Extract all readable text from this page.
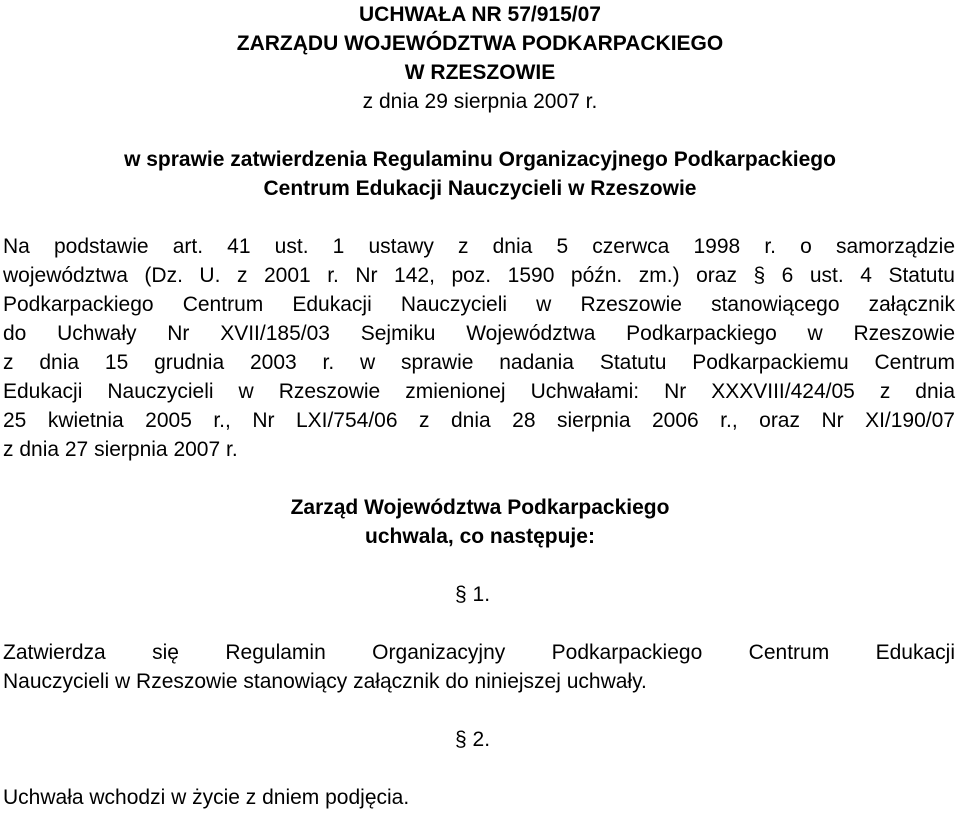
UCHWAŁA NR 57/915/07
ZARZĄDU WOJEWÓDZTWA PODKARPACKIEGO
W RZESZOWIE
z dnia 29 sierpnia 2007 r.
w sprawie zatwierdzenia Regulaminu Organizacyjnego Podkarpackiego
Centrum Edukacji Nauczycieli w Rzeszowie
Na podstawie art. 41 ust. 1 ustawy z dnia 5 czerwca 1998 r. o samorządzie
województwa (Dz. U. z 2001 r. Nr 142, poz. 1590 późn. zm.) oraz § 6 ust. 4 Statutu
Podkarpackiego Centrum Edukacji Nauczycieli w Rzeszowie stanowiącego załącznik
do Uchwały Nr XVII/185/03 Sejmiku Województwa Podkarpackiego w Rzeszowie
z dnia 15 grudnia 2003 r. w sprawie nadania Statutu Podkarpackiemu Centrum
Edukacji Nauczycieli w Rzeszowie zmienionej Uchwałami: Nr XXXVIII/424/05 z dnia
25 kwietnia 2005 r., Nr LXI/754/06 z dnia 28 sierpnia 2006 r., oraz Nr XI/190/07
z dnia 27 sierpnia 2007 r.
Zarząd Województwa Podkarpackiego
uchwala, co następuje:
§ 1.
Zatwierdza się Regulamin Organizacyjny Podkarpackiego Centrum Edukacji
Nauczycieli w Rzeszowie stanowiący załącznik do niniejszej uchwały.
§ 2.
Uchwała wchodzi w życie z dniem podjęcia.
